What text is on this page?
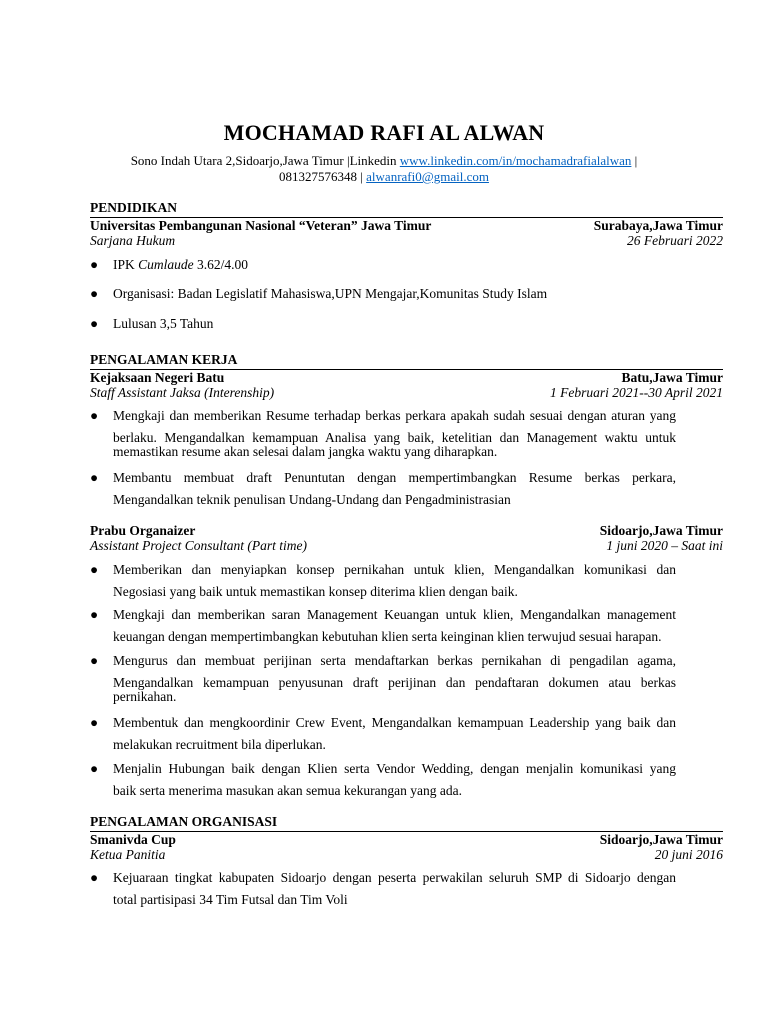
MOCHAMAD RAFI AL ALWAN
Sono Indah Utara 2,Sidoarjo,Jawa Timur |Linkedin www.linkedin.com/in/mochamadrafialalwan |
081327576348 | alwanrafi0@gmail.com
PENDIDIKAN
Universitas Pembangunan Nasional “Veteran” Jawa Timur	Surabaya,Jawa Timur
Sarjana Hukum	26 Februari 2022
● IPK Cumlaude 3.62/4.00
● Organisasi: Badan Legislatif Mahasiswa,UPN Mengajar,Komunitas Study Islam
● Lulusan 3,5 Tahun
PENGALAMAN KERJA
Kejaksaan Negeri Batu	Batu,Jawa Timur
Staff Assistant Jaksa (Interenship)	1 Februari 2021--30 April 2021
● Mengkaji dan memberikan Resume terhadap berkas perkara apakah sudah sesuai dengan aturan yang
berlaku. Mengandalkan kemampuan Analisa yang baik, ketelitian dan Management waktu untuk
memastikan resume akan selesai dalam jangka waktu yang diharapkan.
● Membantu membuat draft Penuntutan dengan mempertimbangkan Resume berkas perkara,
Mengandalkan teknik penulisan Undang-Undang dan Pengadministrasian
Prabu Organaizer	Sidoarjo,Jawa Timur
Assistant Project Consultant (Part time)	1 juni 2020 – Saat ini
● Memberikan dan menyiapkan konsep pernikahan untuk klien, Mengandalkan komunikasi dan
Negosiasi yang baik untuk memastikan konsep diterima klien dengan baik.
● Mengkaji dan memberikan saran Management Keuangan untuk klien, Mengandalkan management
keuangan dengan mempertimbangkan kebutuhan klien serta keinginan klien terwujud sesuai harapan.
● Mengurus dan membuat perijinan serta mendaftarkan berkas pernikahan di pengadilan agama,
Mengandalkan kemampuan penyusunan draft perijinan dan pendaftaran dokumen atau berkas
pernikahan.
● Membentuk dan mengkoordinir Crew Event, Mengandalkan kemampuan Leadership yang baik dan
melakukan recruitment bila diperlukan.
● Menjalin Hubungan baik dengan Klien serta Vendor Wedding, dengan menjalin komunikasi yang
baik serta menerima masukan akan semua kekurangan yang ada.
PENGALAMAN ORGANISASI
Smanivda Cup	Sidoarjo,Jawa Timur
Ketua Panitia	20 juni 2016
● Kejuaraan tingkat kabupaten Sidoarjo dengan peserta perwakilan seluruh SMP di Sidoarjo dengan
total partisipasi 34 Tim Futsal dan Tim Voli
